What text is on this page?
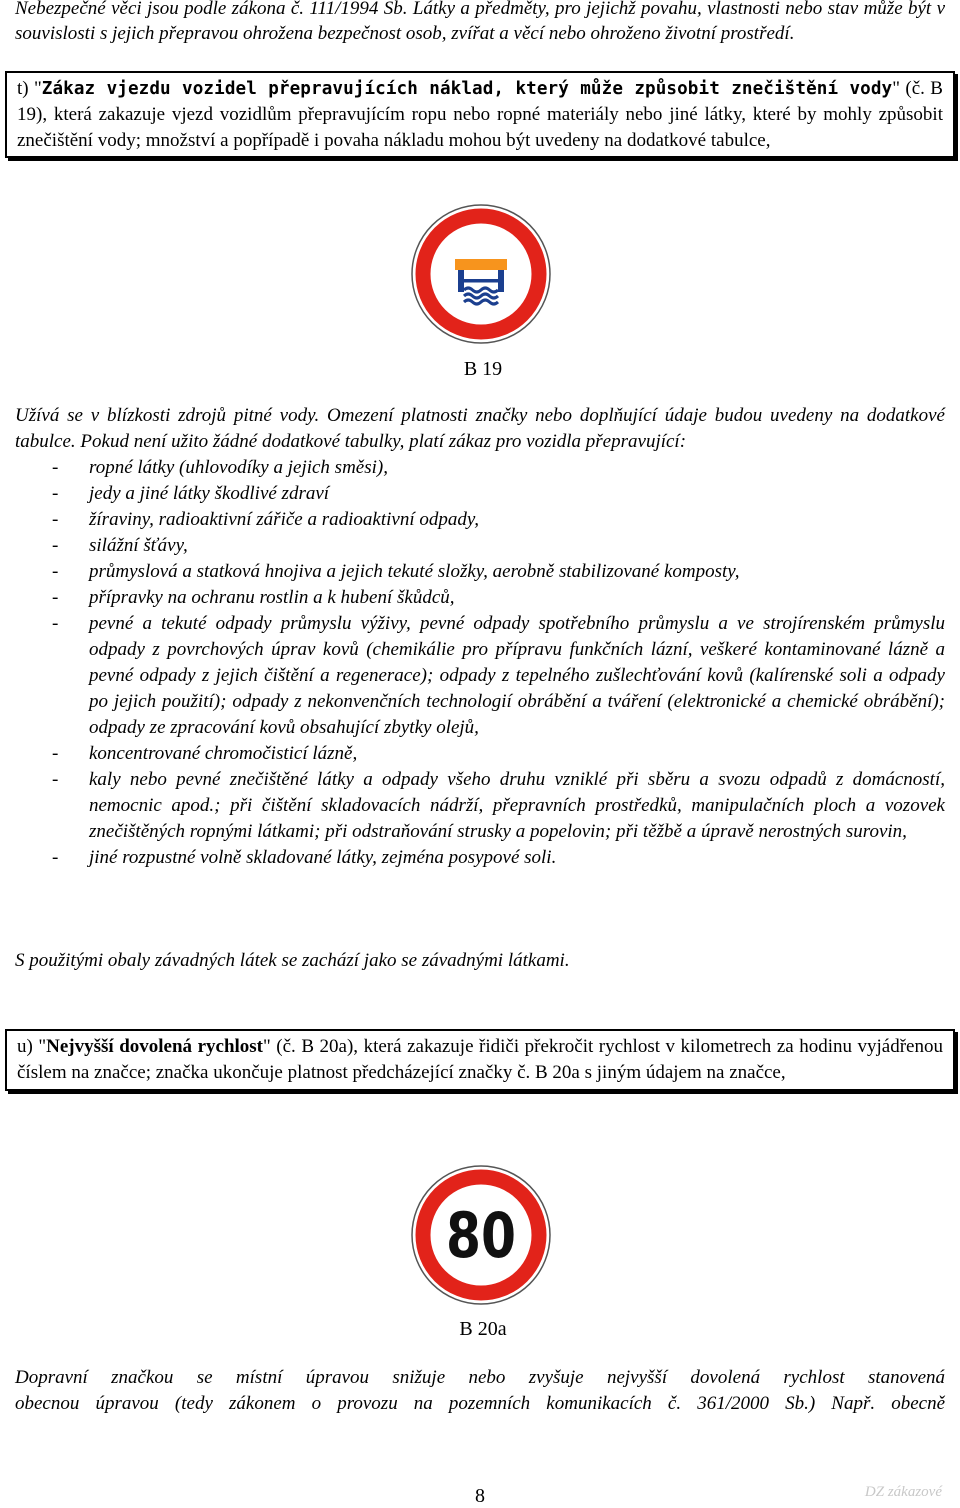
Nebezpečné věci jsou podle zákona č. 111/1994 Sb. Látky a předměty, pro jejichž povahu, vlastnosti nebo stav může být v souvislosti s jejich přepravou ohrožena bezpečnost osob, zvířat a věcí nebo ohroženo životní prostředí.

t) "Zákaz vjezdu vozidel přepravujících náklad, který může způsobit znečištění vody" (č. B 19), která zakazuje vjezd vozidlům přepravujícím ropu nebo ropné materiály nebo jiné látky, které by mohly způsobit znečištění vody; množství a popřípadě i povaha nákladu mohou být uvedeny na dodatkové tabulce,
B 19

Užívá se v blízkosti zdrojů pitné vody. Omezení platnosti značky nebo doplňující údaje budou uvedeny na dodatkové tabulce. Pokud není užito žádné dodatkové tabulky, platí zákaz pro vozidla přepravující:

- ropné látky (uhlovodíky a jejich směsi),
- jedy a jiné látky škodlivé zdraví
- žíraviny, radioaktivní zářiče a radioaktivní odpady,
- silážní šťávy,
- průmyslová a statková hnojiva a jejich tekuté složky, aerobně stabilizované komposty,
- přípravky na ochranu rostlin a k hubení škůdců,
- pevné a tekuté odpady průmyslu výživy, pevné odpady spotřebního průmyslu a ve strojírenském průmyslu odpady z povrchových úprav kovů (chemikálie pro přípravu funkčních lázní, veškeré kontaminované lázně a pevné odpady z jejich čištění a regenerace); odpady z tepelného zušlechťování kovů (kalírenské soli a odpady po jejich použití); odpady z nekonvenčních technologií obrábění a tváření (elektronické a chemické obrábění); odpady ze zpracování kovů obsahující zbytky olejů,
- koncentrované chromočisticí lázně,
- kaly nebo pevné znečištěné látky a odpady všeho druhu vzniklé při sběru a svozu odpadů z domácností, nemocnic apod.; při čištění skladovacích nádrží, přepravních prostředků, manipulačních ploch a vozovek znečištěných ropnými látkami; při odstraňování strusky a popelovin; při těžbě a úpravě nerostných surovin,
- jiné rozpustné volně skladované látky, zejména posypové soli.

S použitými obaly závadných látek se zachází jako se závadnými látkami.

u) "Nejvyšší dovolená rychlost" (č. B 20a), která zakazuje řidiči překročit rychlost v kilometrech za hodinu vyjádřenou číslem na značce; značka ukončuje platnost předcházející značky č. B 20a s jiným údajem na značce,
80
B 20a

Dopravní značkou se místní úpravou snižuje nebo zvyšuje nejvyšší dovolená rychlost stanovená
obecnou úpravou (tedy zákonem o provozu na pozemních komunikacích č. 361/2000 Sb.) Např. obecně

8	DZ zákazové
